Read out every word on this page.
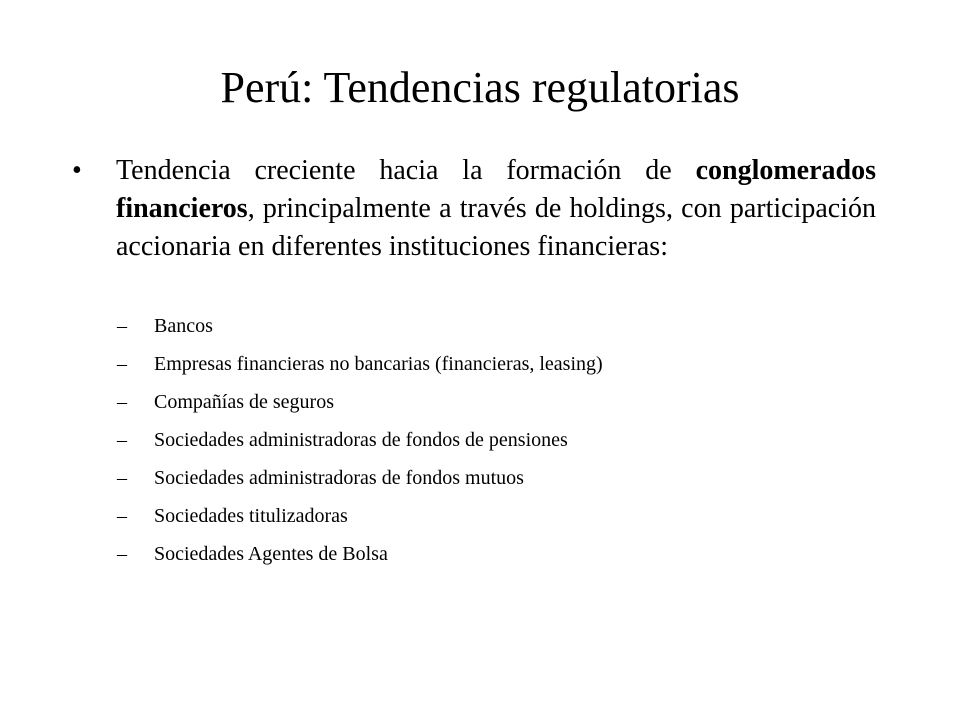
Perú: Tendencias regulatorias
•	Tendencia creciente hacia la formación de conglomerados financieros, principalmente a través de holdings, con participación accionaria en diferentes instituciones financieras:
– Bancos
– Empresas financieras no bancarias (financieras, leasing)
– Compañías de seguros
– Sociedades administradoras de fondos de pensiones
– Sociedades administradoras de fondos mutuos
– Sociedades titulizadoras
– Sociedades Agentes de Bolsa
